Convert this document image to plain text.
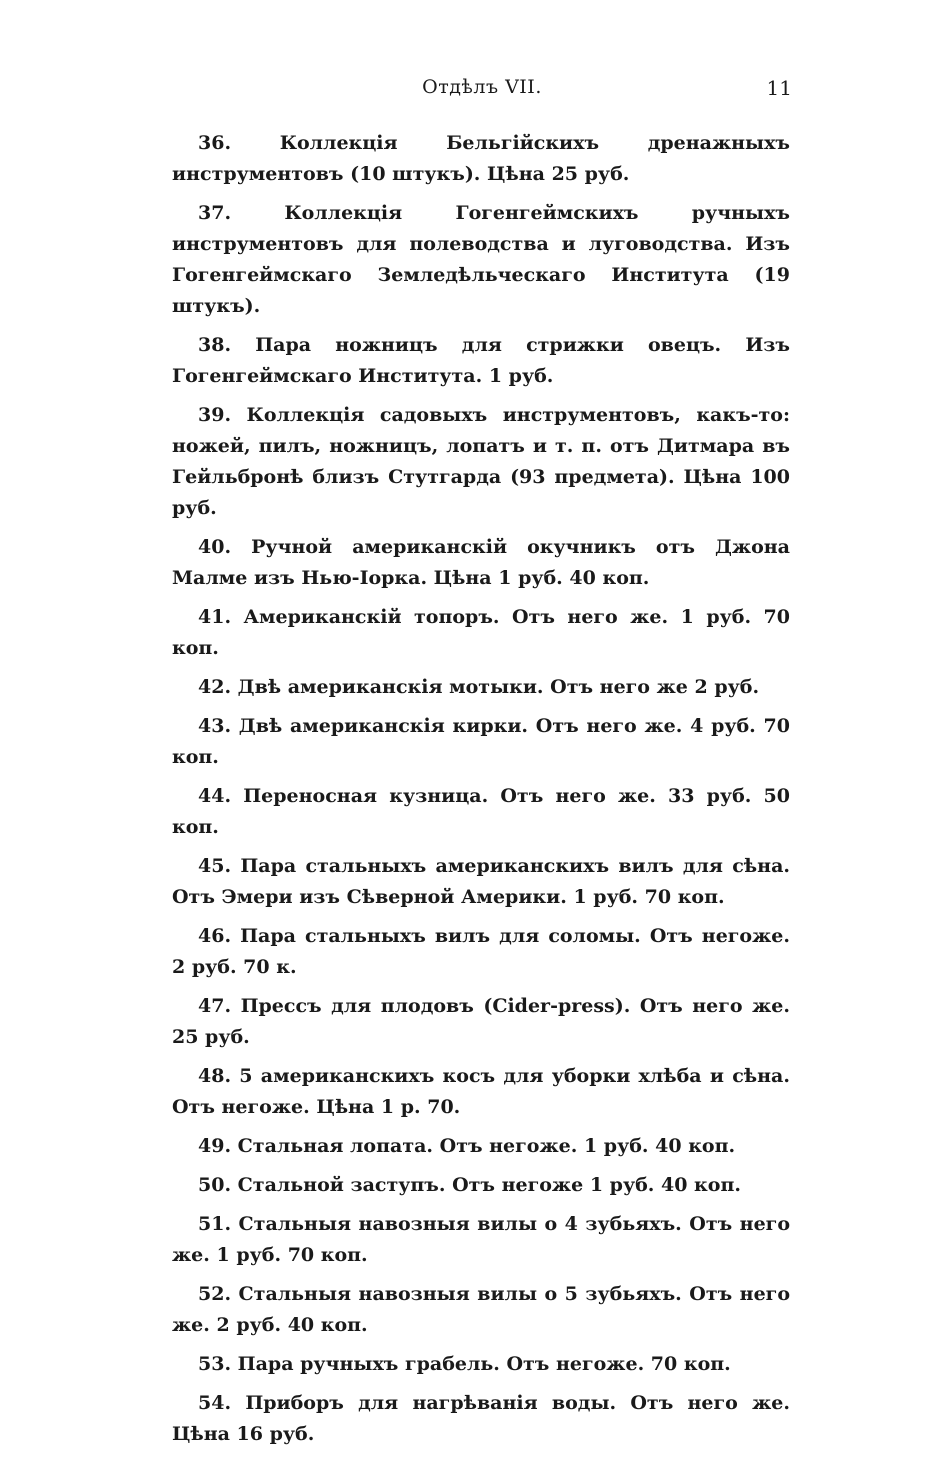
Отдѣлъ VII.	11

36. Коллекція Бельгійскихъ дренажныхъ инструментовъ (10 штукъ). Цѣна 25 руб.

37. Коллекція Гогенгеймскихъ ручныхъ инструментовъ для полеводства и луговодства. Изъ Гогенгеймскаго Земледѣльческаго Института (19 штукъ).

38. Пара ножницъ для стрижки овецъ. Изъ Гогенгеймскаго Института. 1 руб.

39. Коллекція садовыхъ инструментовъ, какъ-то: ножей, пилъ, ножницъ, лопатъ и т. п. отъ Дитмара въ Гейльбронѣ близъ Стутгарда (93 предмета). Цѣна 100 руб.

40. Ручной американскій окучникъ отъ Джона Малме изъ Нью-Іорка. Цѣна 1 руб. 40 коп.

41. Американскій топоръ. Отъ него же. 1 руб. 70 коп.

42. Двѣ американскія мотыки. Отъ него же 2 руб.

43. Двѣ американскія кирки. Отъ него же. 4 руб. 70 коп.

44. Переносная кузница. Отъ него же. 33 руб. 50 коп.

45. Пара стальныхъ американскихъ вилъ для сѣна. Отъ Эмери изъ Сѣверной Америки. 1 руб. 70 коп.

46. Пара стальныхъ вилъ для соломы. Отъ негоже. 2 руб. 70 к.

47. Прессъ для плодовъ (Cider-press). Отъ него же. 25 руб.

48. 5 американскихъ косъ для уборки хлѣба и сѣна. Отъ негоже. Цѣна 1 р. 70.

49. Стальная лопата. Отъ негоже. 1 руб. 40 коп.

50. Стальной заступъ. Отъ негоже 1 руб. 40 коп.

51. Стальныя навозныя вилы о 4 зубьяхъ. Отъ него же. 1 руб. 70 коп.

52. Стальныя навозныя вилы о 5 зубьяхъ. Отъ него же. 2 руб. 40 коп.

53. Пара ручныхъ грабель. Отъ негоже. 70 коп.

54. Приборъ для нагрѣванія воды. Отъ него же. Цѣна 16 руб.
